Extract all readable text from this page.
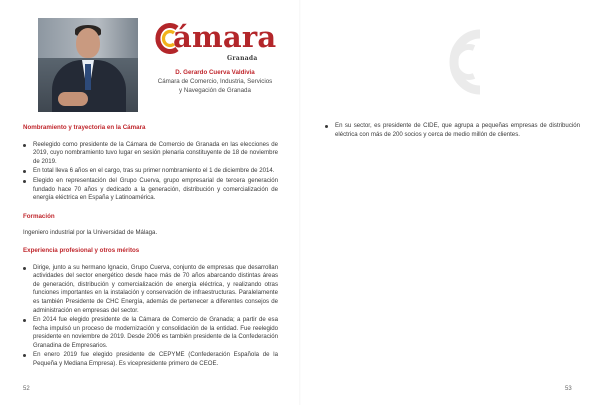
ámara
Granada
D. Gerardo Cuerva Valdivia
Cámara de Comercio, Industria, Servicios
y Navegación de Granada
Nombramiento y trayectoria en la Cámara
Reelegido como presidente de la Cámara de Comercio de Granada en las elecciones de 2019, cuyo nombramiento tuvo lugar en sesión plenaria constituyente de 18 de noviembre de 2019.
En total lleva 6 años en el cargo, tras su primer nombramiento el 1 de diciembre de 2014.
Elegido en representación del Grupo Cuerva, grupo empresarial de tercera generación fundado hace 70 años y dedicado a la generación, distribución y comercialización de energía eléctrica en España y Latinoamérica.
Formación

Ingeniero industrial por la Universidad de Málaga.

Experiencia profesional y otros méritos
Dirige, junto a su hermano Ignacio, Grupo Cuerva, conjunto de empresas que desarrollan actividades del sector energético desde hace más de 70 años abarcando distintas áreas de generación, distribución y comercialización de energía eléctrica, y realizando otras funciones importantes en la instalación y conservación de infraestructuras. Paralelamente es también Presidente de CHC Energía, además de pertenecer a diferentes consejos de administración en empresas del sector.
En 2014 fue elegido presidente de la Cámara de Comercio de Granada; a partir de esa fecha impulsó un proceso de modernización y consolidación de la entidad. Fue reelegido presidente en noviembre de 2019. Desde 2006 es también presidente de la Confederación Granadina de Empresarios.
En enero 2019 fue elegido presidente de CEPYME (Confederación Española de la Pequeña y Mediana Empresa). Es vicepresidente primero de CEOE.
52
En su sector, es presidente de CIDE, que agrupa a pequeñas empresas de distribución eléctrica con más de 200 socios y cerca de medio millón de clientes.
53
